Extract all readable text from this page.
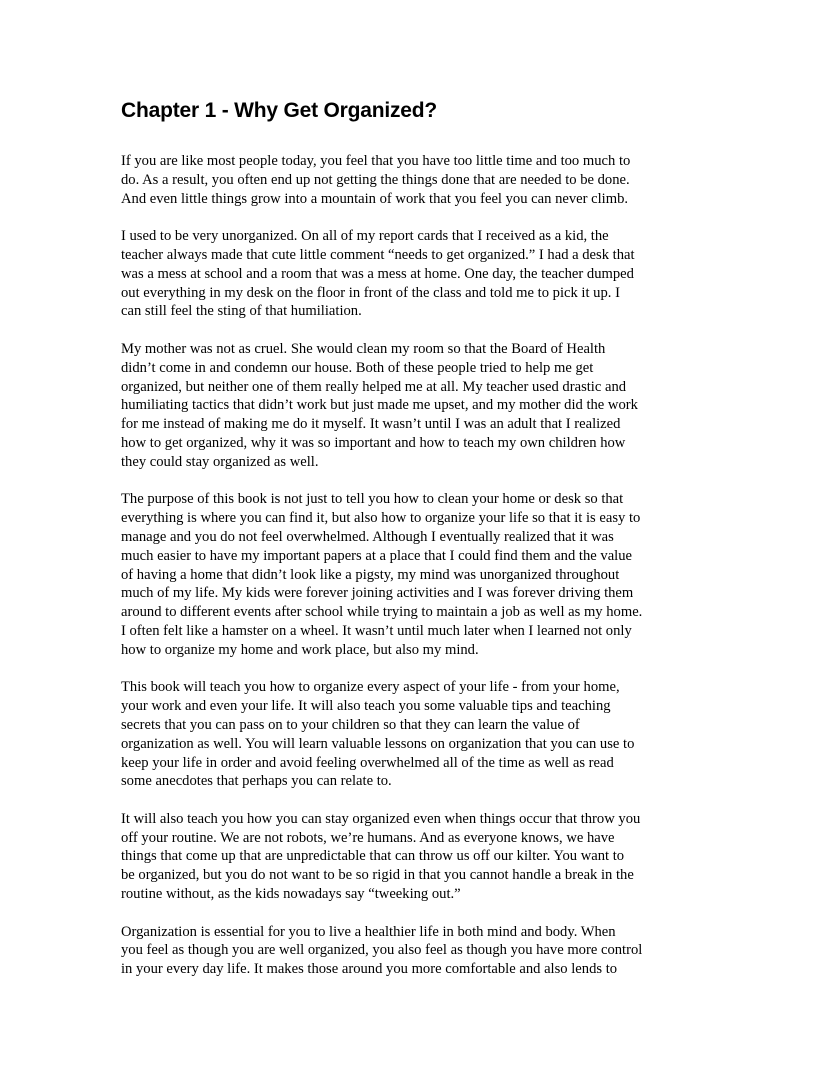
Chapter 1 - Why Get Organized?

If you are like most people today, you feel that you have too little time and too much to
do. As a result, you often end up not getting the things done that are needed to be done.
And even little things grow into a mountain of work that you feel you can never climb.

I used to be very unorganized. On all of my report cards that I received as a kid, the
teacher always made that cute little comment “needs to get organized.” I had a desk that
was a mess at school and a room that was a mess at home. One day, the teacher dumped
out everything in my desk on the floor in front of the class and told me to pick it up. I
can still feel the sting of that humiliation.

My mother was not as cruel. She would clean my room so that the Board of Health
didn’t come in and condemn our house. Both of these people tried to help me get
organized, but neither one of them really helped me at all. My teacher used drastic and
humiliating tactics that didn’t work but just made me upset, and my mother did the work
for me instead of making me do it myself. It wasn’t until I was an adult that I realized
how to get organized, why it was so important and how to teach my own children how
they could stay organized as well.

The purpose of this book is not just to tell you how to clean your home or desk so that
everything is where you can find it, but also how to organize your life so that it is easy to
manage and you do not feel overwhelmed. Although I eventually realized that it was
much easier to have my important papers at a place that I could find them and the value
of having a home that didn’t look like a pigsty, my mind was unorganized throughout
much of my life. My kids were forever joining activities and I was forever driving them
around to different events after school while trying to maintain a job as well as my home.
I often felt like a hamster on a wheel. It wasn’t until much later when I learned not only
how to organize my home and work place, but also my mind.

This book will teach you how to organize every aspect of your life - from your home,
your work and even your life. It will also teach you some valuable tips and teaching
secrets that you can pass on to your children so that they can learn the value of
organization as well. You will learn valuable lessons on organization that you can use to
keep your life in order and avoid feeling overwhelmed all of the time as well as read
some anecdotes that perhaps you can relate to.

It will also teach you how you can stay organized even when things occur that throw you
off your routine. We are not robots, we’re humans. And as everyone knows, we have
things that come up that are unpredictable that can throw us off our kilter. You want to
be organized, but you do not want to be so rigid in that you cannot handle a break in the
routine without, as the kids nowadays say “tweeking out.”

Organization is essential for you to live a healthier life in both mind and body. When
you feel as though you are well organized, you also feel as though you have more control
in your every day life. It makes those around you more comfortable and also lends to
